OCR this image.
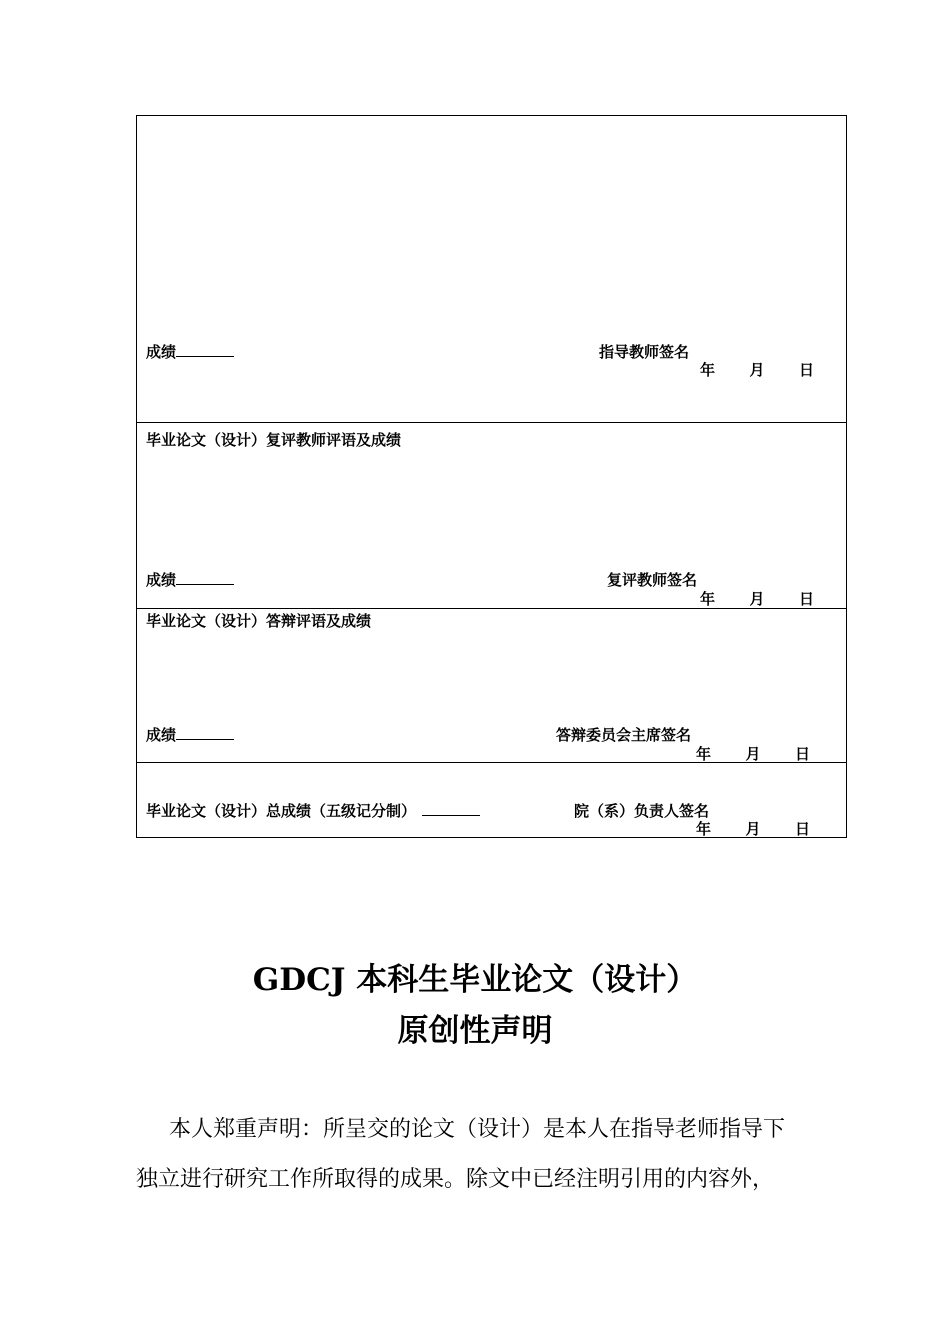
成绩	指导教师签名
年 月 日
毕业论文（设计）复评教师评语及成绩
成绩	复评教师签名
年 月 日
毕业论文（设计）答辩评语及成绩
成绩	答辩委员会主席签名
年 月 日
毕业论文（设计）总成绩（五级记分制）	院（系）负责人签名
年 月 日
GDCJ 本科生毕业论文（设计）
原创性声明
本人郑重声明：所呈交的论文（设计）是本人在指导老师指导下
独立进行研究工作所取得的成果。除文中已经注明引用的内容外，
